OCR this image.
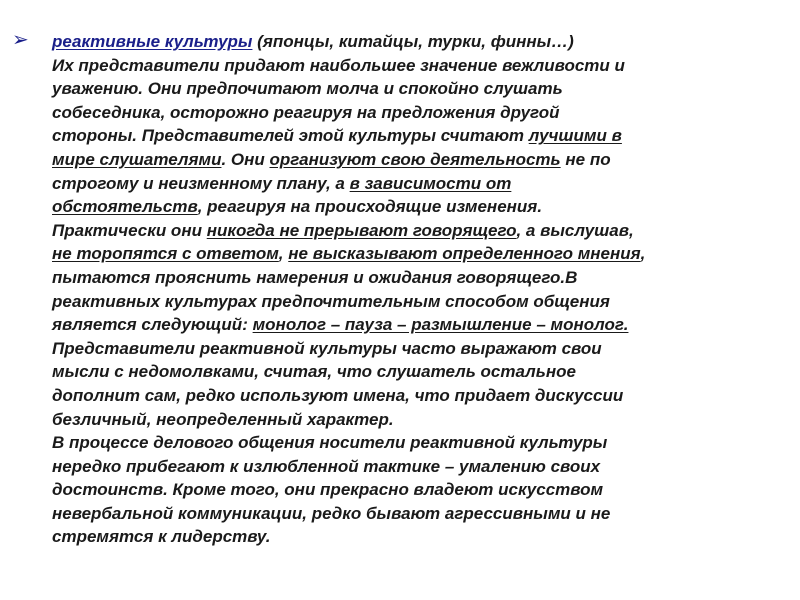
➢	реактивные культуры (японцы, китайцы, турки, финны…)
Их представители придают наибольшее значение вежливости и
уважению. Они предпочитают молча и спокойно слушать
собеседника, осторожно реагируя на предложения другой
стороны. Представителей этой культуры считают лучшими в
мире слушателями. Они организуют свою деятельность не по
строгому и неизменному плану, а в зависимости от
обстоятельств, реагируя на происходящие изменения.
Практически они никогда не прерывают говорящего, а выслушав,
не торопятся с ответом, не высказывают определенного мнения,
пытаются прояснить намерения и ожидания говорящего.В
реактивных культурах предпочтительным способом общения
является следующий: монолог – пауза – размышление – монолог.
Представители реактивной культуры часто выражают свои
мысли с недомолвками, считая, что слушатель остальное
дополнит сам, редко используют имена, что придает дискуссии
безличный, неопределенный характер.
В процессе делового общения носители реактивной культуры
нередко прибегают к излюбленной тактике – умалению своих
достоинств. Кроме того, они прекрасно владеют искусством
невербальной коммуникации, редко бывают агрессивными и не
стремятся к лидерству.
